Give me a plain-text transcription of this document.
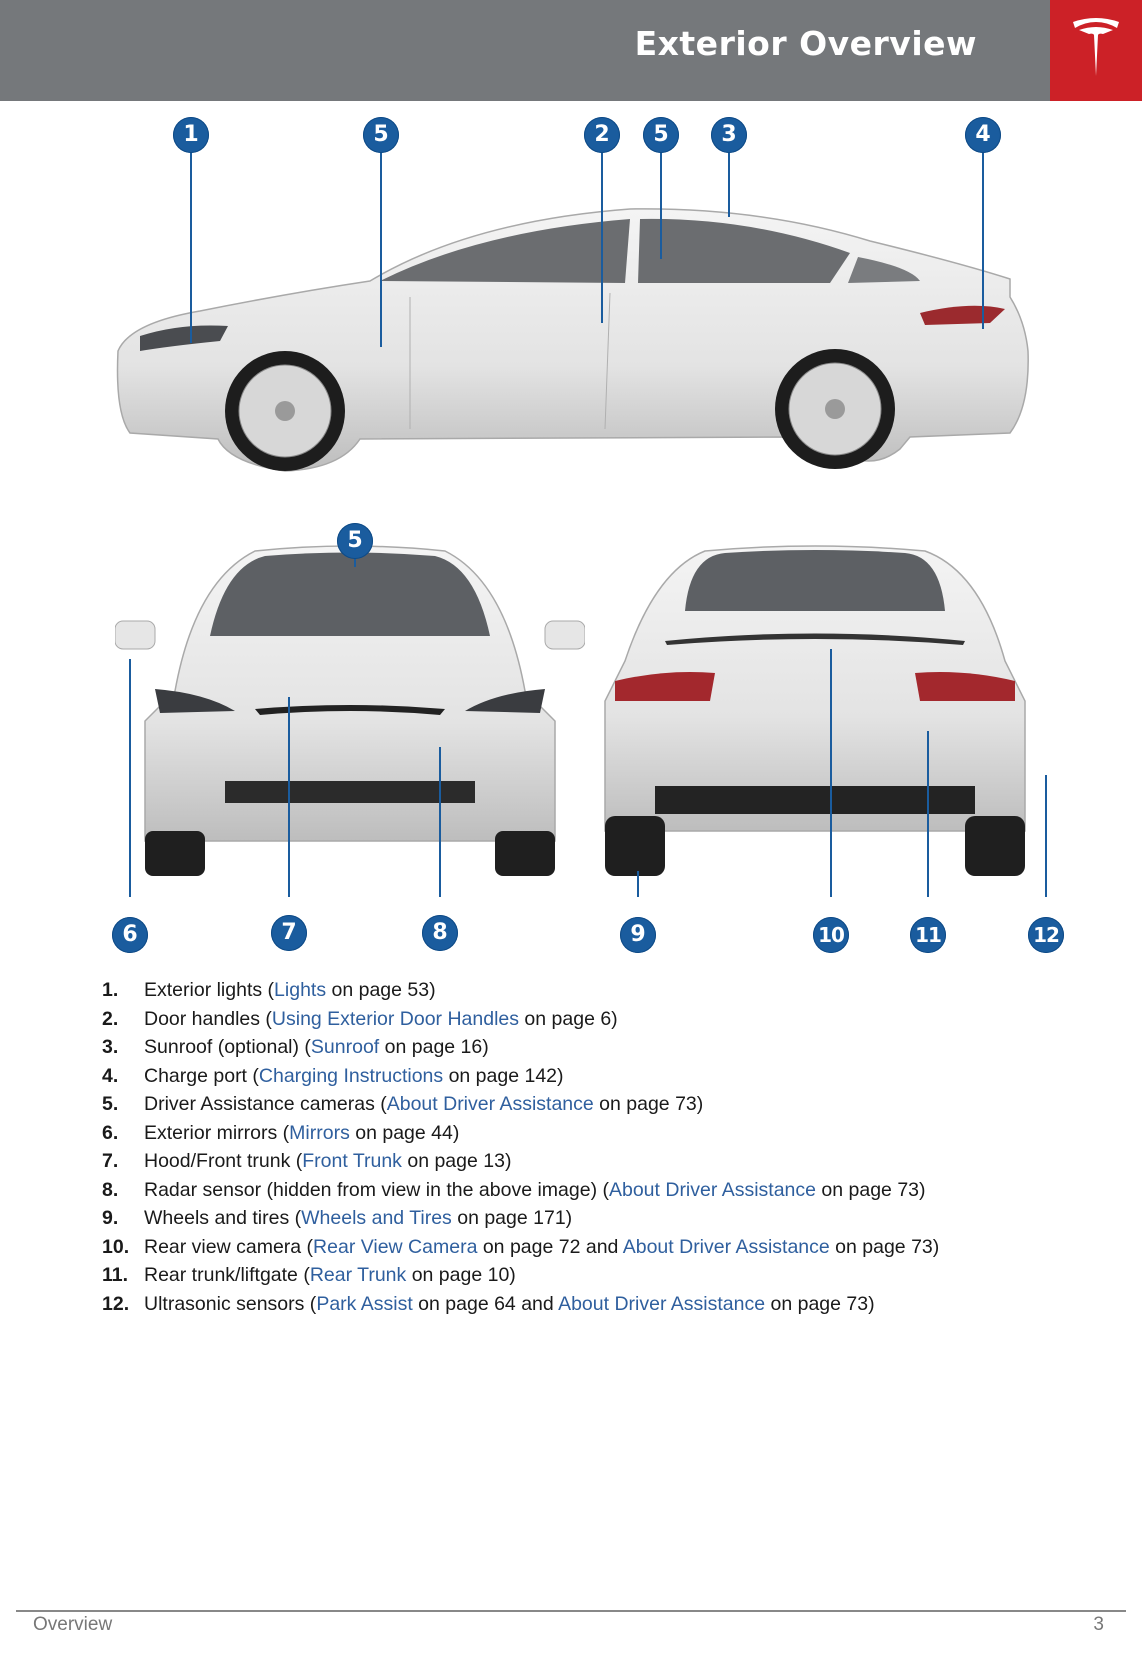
Exterior Overview
1	5	2	5	3	4
5
6	7	8	9	10	11	12
1.	Exterior lights (Lights on page 53)
2.	Door handles (Using Exterior Door Handles on page 6)
3.	Sunroof (optional) (Sunroof on page 16)
4.	Charge port (Charging Instructions on page 142)
5.	Driver Assistance cameras (About Driver Assistance on page 73)
6.	Exterior mirrors (Mirrors on page 44)
7.	Hood/Front trunk (Front Trunk on page 13)
8.	Radar sensor (hidden from view in the above image) (About Driver Assistance on page 73)
9.	Wheels and tires (Wheels and Tires on page 171)
10. Rear view camera (Rear View Camera on page 72 and About Driver Assistance on page 73)
11. Rear trunk/liftgate (Rear Trunk on page 10)
12. Ultrasonic sensors (Park Assist on page 64 and About Driver Assistance on page 73)
Overview	3
